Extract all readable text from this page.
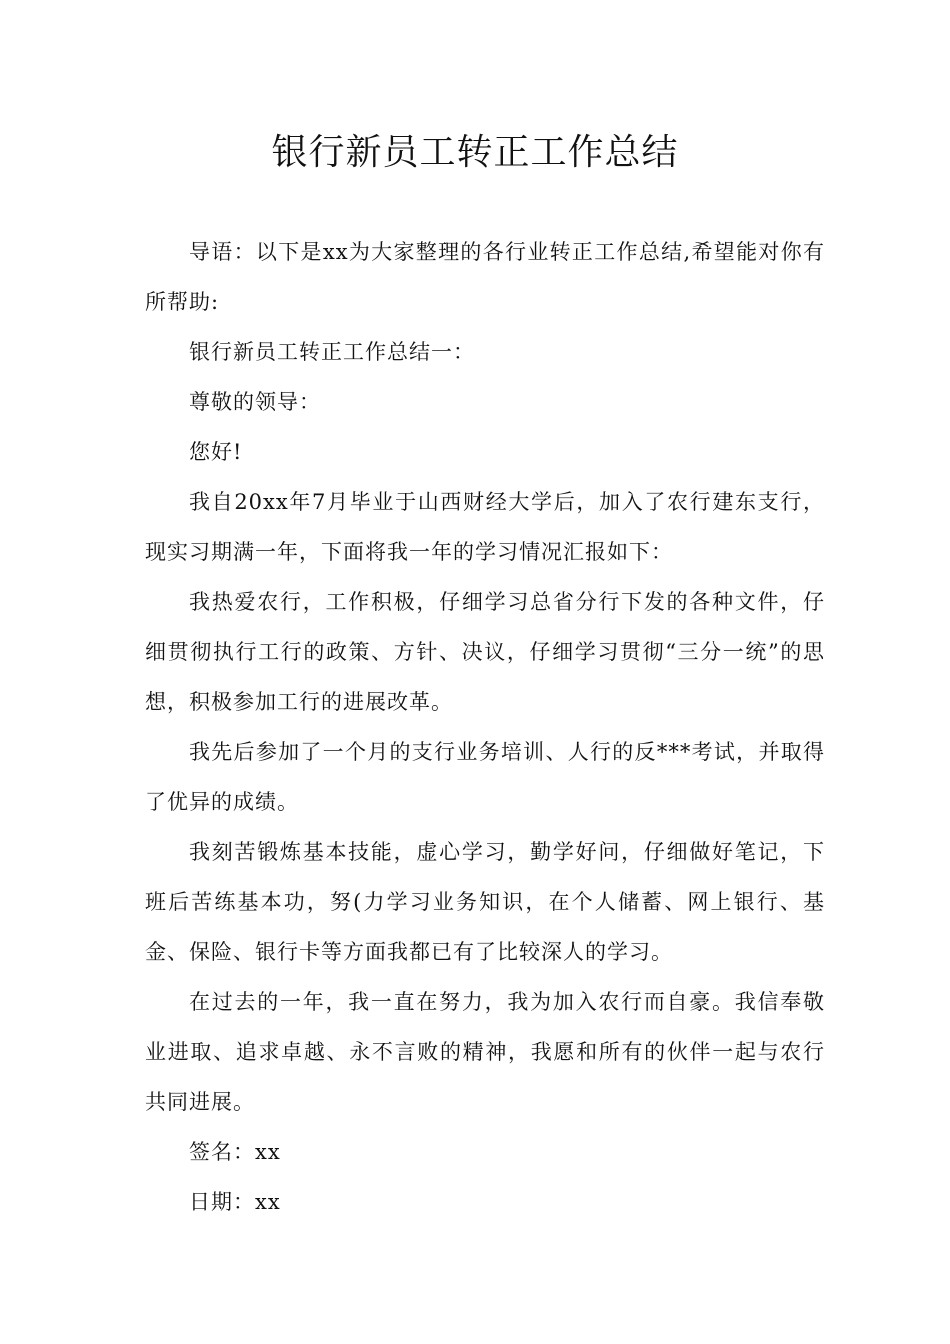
银行新员工转正工作总结

导语：以下是xx为大家整理的各行业转正工作总结,希望能对你有所帮助:

银行新员工转正工作总结一：

尊敬的领导：

您好!

我自20xx年7月毕业于山西财经大学后，加入了农行建东支行，现实习期满一年，下面将我一年的学习情况汇报如下：

我热爱农行，工作积极，仔细学习总省分行下发的各种文件，仔细贯彻执行工行的政策、方针、决议，仔细学习贯彻“三分一统”的思想，积极参加工行的进展改革。

我先后参加了一个月的支行业务培训、人行的反***考试，并取得了优异的成绩。

我刻苦锻炼基本技能，虚心学习，勤学好问，仔细做好笔记，下班后苦练基本功，努(力学习业务知识，在个人储蓄、网上银行、基金、保险、银行卡等方面我都已有了比较深人的学习。

在过去的一年，我一直在努力，我为加入农行而自豪。我信奉敬业进取、追求卓越、永不言败的精神，我愿和所有的伙伴一起与农行共同进展。

签名：xx

日期：xx
